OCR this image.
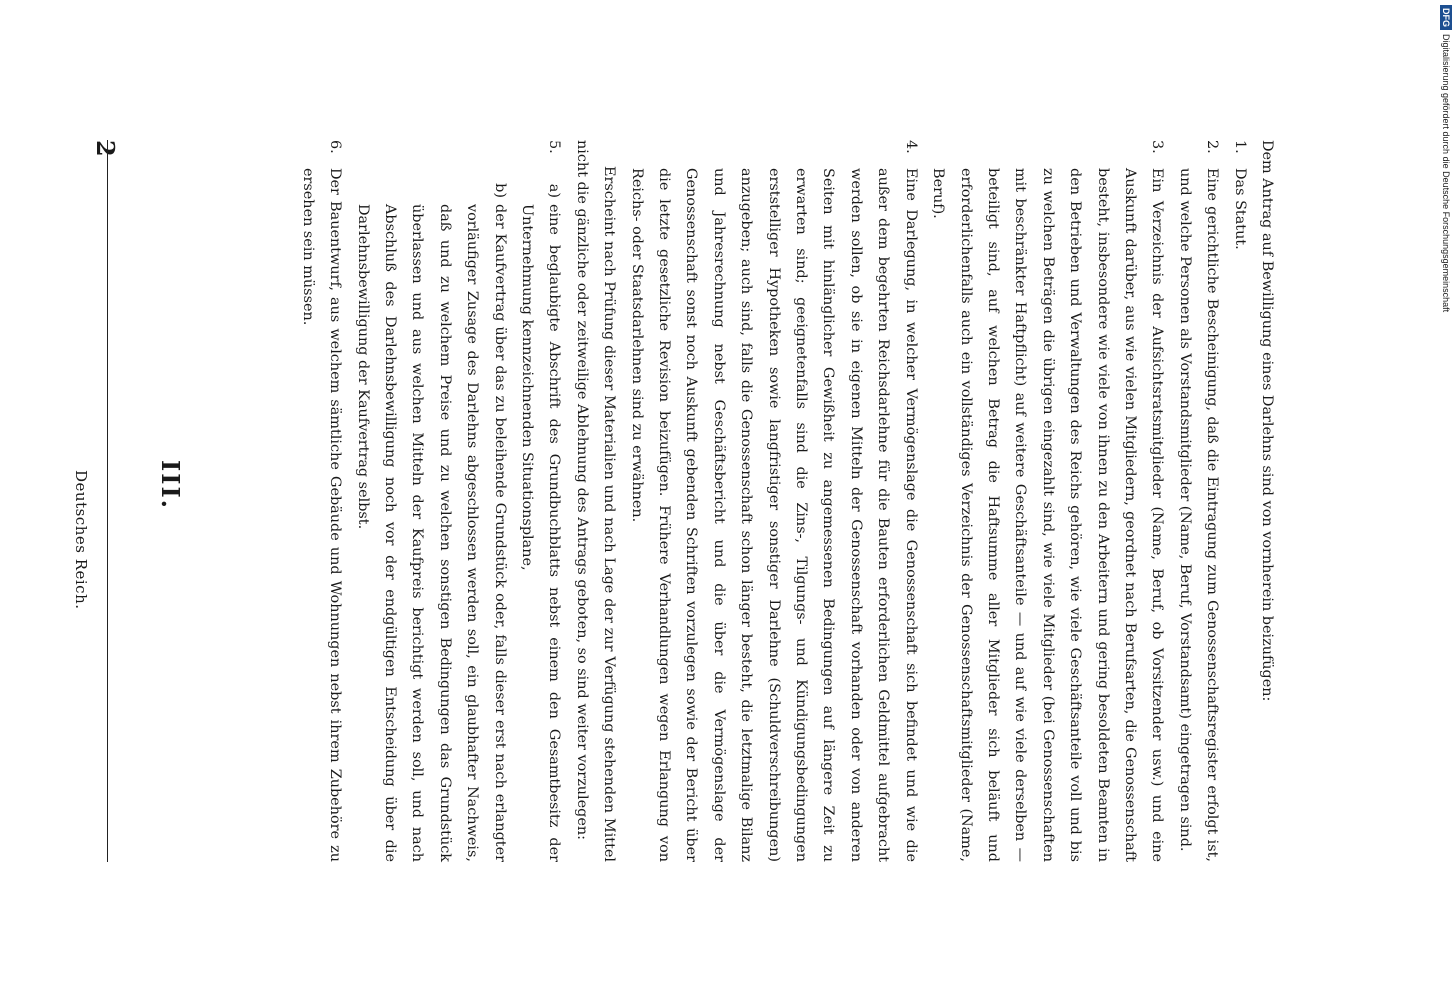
2
Deutsches Reich.	III.	Dem Antrag auf Bewilligung eines Darlehns sind von vornherein beizufügen:

1.
Das Statut.
2.
Eine gerichtliche Bescheinigung, daß die Eintragung zum Genossenschaftsregister erfolgt ist, und welche Personen als Vorstandsmitglieder (Name, Beruf, Vorstandsamt) eingetragen sind.
3.
Ein Verzeichnis der Aufsichtsratsmitglieder (Name, Beruf, ob Vorsitzender usw.) und eine Auskunft darüber, aus wie vielen Mitgliedern, geordnet nach Berufsarten, die Genossenschaft besteht, insbesondere wie viele von ihnen zu den Arbeitern und gering besoldeten Beamten in den Betrieben und Verwaltungen des Reichs gehören, wie viele Geschäftsanteile voll und bis zu welchen Beträgen die übrigen eingezahlt sind, wie viele Mitglieder (bei Genossenschaften mit beschränkter Haftpflicht) auf weitere Geschäftsanteile — und auf wie viele derselben — beteiligt sind, auf welchen Betrag die Haftsumme aller Mitglieder sich beläuft und erforderlichenfalls auch ein vollständiges Verzeichnis der Genossenschaftsmitglieder (Name, Beruf).
4.
Eine Darlegung, in welcher Vermögenslage die Genossenschaft sich befindet und wie die außer dem begehrten Reichsdarlehne für die Bauten erforderlichen Geldmittel aufgebracht werden sollen, ob sie in eigenen Mitteln der Genossenschaft vorhanden oder von anderen Seiten mit hinlänglicher Gewißheit zu angemessenen Bedingungen auf längere Zeit zu erwarten sind; geeignetenfalls sind die Zins-, Tilgungs- und Kündigungsbedingungen erststelliger Hypotheken sowie langfristiger sonstiger Darlehne (Schuldverschreibungen) anzugeben; auch sind, falls die Genossenschaft schon länger besteht, die letztmalige Bilanz und Jahresrechnung nebst Geschäftsbericht und die über die Vermögenslage der Genossenschaft sonst noch Auskunft gebenden Schriften vorzulegen sowie der Bericht über die letzte gesetzliche Revision beizufügen. Frühere Verhandlungen wegen Erlangung von Reichs- oder Staatsdarlehnen sind zu erwähnen.

Erscheint nach Prüfung dieser Materialien und nach Lage der zur Verfügung stehenden Mittel nicht die gänzliche oder zeitweilige Ablehnung des Antrags geboten, so sind weiter vorzulegen:

5.
a)
eine beglaubigte Abschrift des Grundbuchblatts nebst einem den Gesamtbesitz der Unternehmung kennzeichnenden Situationsplane,
b)
der Kaufvertrag über das zu beleihende Grundstück oder, falls dieser erst nach erlangter vorläufiger Zusage des Darlehns abgeschlossen werden soll, ein glaubhafter Nachweis, daß und zu welchem Preise und zu welchen sonstigen Bedingungen das Grundstück überlassen und aus welchen Mitteln der Kaufpreis berichtigt werden soll, und nach Abschluß des Darlehnsbewilligung noch vor der endgültigen Entscheidung über die Darlehnsbewilligung der Kaufvertrag selbst.
6.
Der Bauentwurf, aus welchem sämtliche Gebäude und Wohnungen nebst ihrem Zubehöre zu ersehen sein müssen.
DFG
Digitalisierung gefördert durch die Deutsche Forschungsgemeinschaft
